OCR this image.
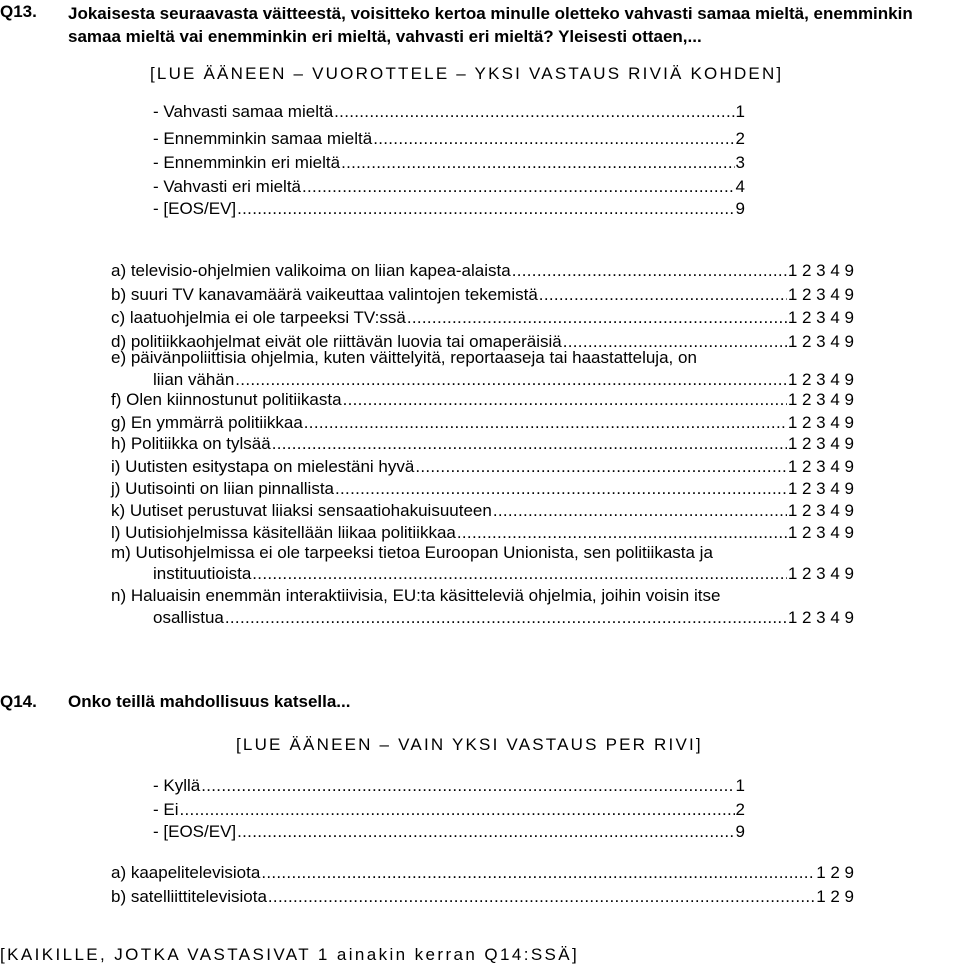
Q13. Jokaisesta seuraavasta väitteestä, voisitteko kertoa minulle oletteko vahvasti samaa mieltä, enemminkin samaa mieltä vai enemminkin eri mieltä, vahvasti eri mieltä? Yleisesti ottaen,...
[LUE ÄÄNEEN – VUOROTTELE – YKSI VASTAUS RIVIÄ KOHDEN]
- Vahvasti samaa mieltä .....	1
- Ennemminkin samaa mieltä .....	2
- Ennemminkin eri mieltä .....	3
- Vahvasti eri mieltä .....	4
- [EOS/EV] .....	9
a) televisio-ohjelmien valikoima on liian kapea-alaista .....	1 2 3 4 9
b) suuri TV kanavamäärä vaikeuttaa valintojen tekemistä .....	1 2 3 4 9
c) laatuohjelmia ei ole tarpeeksi TV:ssä .....	1 2 3 4 9
d) politiikkaohjelmat eivät ole riittävän luovia tai omaperäisiä .....	1 2 3 4 9
e) päivänpoliittisia ohjelmia, kuten väittelyitä, reportaaseja tai haastatteluja, on
liian vähän .....	1 2 3 4 9
f) Olen kiinnostunut politiikasta .....	1 2 3 4 9
g) En ymmärrä politiikkaa .....	1 2 3 4 9
h) Politiikka on tylsää .....	1 2 3 4 9
i) Uutisten esitystapa on mielestäni hyvä .....	1 2 3 4 9
j) Uutisointi on liian pinnallista .....	1 2 3 4 9
k) Uutiset perustuvat liiaksi sensaatiohakuisuuteen .....	1 2 3 4 9
l) Uutisiohjelmissa käsitellään liikaa politiikkaa .....	1 2 3 4 9
m) Uutisohjelmissa ei ole tarpeeksi tietoa Euroopan Unionista, sen politiikasta ja
instituutioista .....	1 2 3 4 9
n) Haluaisin enemmän interaktiivisia, EU:ta käsitteleviä ohjelmia, joihin voisin itse
osallistua .....	1 2 3 4 9
Q14. Onko teillä mahdollisuus katsella...
[LUE ÄÄNEEN – VAIN YKSI VASTAUS PER RIVI]
- Kyllä .....	1
- Ei .....	2
- [EOS/EV] .....	9
a) kaapelitelevisiota .....	1 2 9
b) satelliittitelevisiota .....	1 2 9
[KAIKILLE, JOTKA VASTASIVAT 1 ainakin kerran Q14:SSÄ]
